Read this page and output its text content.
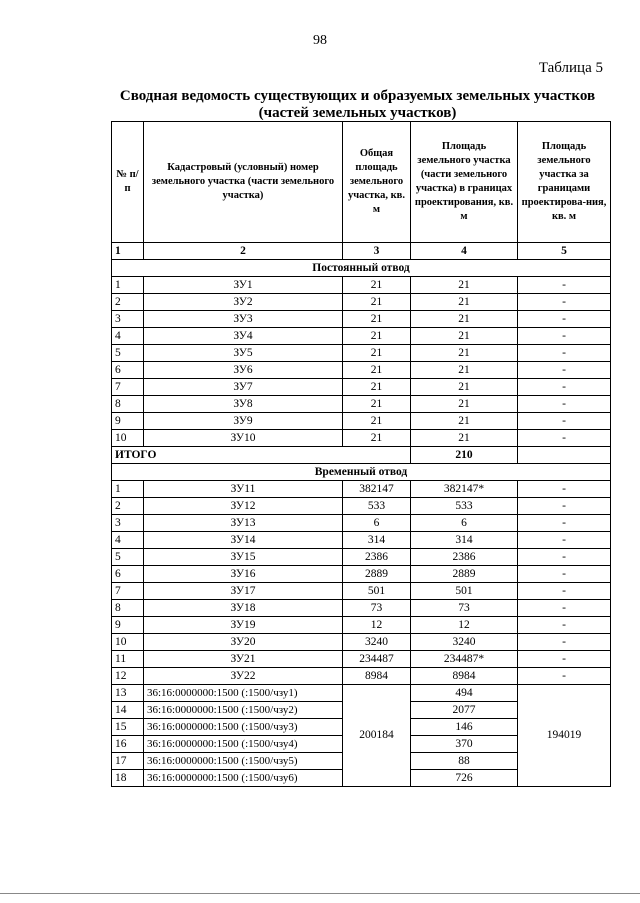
98
Таблица 5
Сводная ведомость существующих и образуемых земельных участков
(частей земельных участков)
№ п/п	Кадастровый (условный) номер земельного участка (части земельного участка)	Общая площадь земельного участка, кв. м	Площадь земельного участка (части земельного участка) в границах проектирования, кв. м	Площадь земельного участка за границами проектирова-ния, кв. м
1	2	3	4	5
Постоянный отвод				
1	ЗУ1	21	21	-
2	ЗУ2	21	21	-
3	ЗУ3	21	21	-
4	ЗУ4	21	21	-
5	ЗУ5	21	21	-
6	ЗУ6	21	21	-
7	ЗУ7	21	21	-
8	ЗУ8	21	21	-
9	ЗУ9	21	21	-
10	ЗУ10	21	21	-
ИТОГО			210	
Временный отвод				
1	ЗУ11	382147	382147*	-
2	ЗУ12	533	533	-
3	ЗУ13	6	6	-
4	ЗУ14	314	314	-
5	ЗУ15	2386	2386	-
6	ЗУ16	2889	2889	-
7	ЗУ17	501	501	-
8	ЗУ18	73	73	-
9	ЗУ19	12	12	-
10	ЗУ20	3240	3240	-
11	ЗУ21	234487	234487*	-
12	ЗУ22	8984	8984	-
13	36:16:0000000:1500 (:1500/чзу1)	200184	494	194019
14	36:16:0000000:1500 (:1500/чзу2)		2077	
15	36:16:0000000:1500 (:1500/чзу3)		146	
16	36:16:0000000:1500 (:1500/чзу4)		370	
17	36:16:0000000:1500 (:1500/чзу5)		88	
18	36:16:0000000:1500 (:1500/чзу6)		726	
